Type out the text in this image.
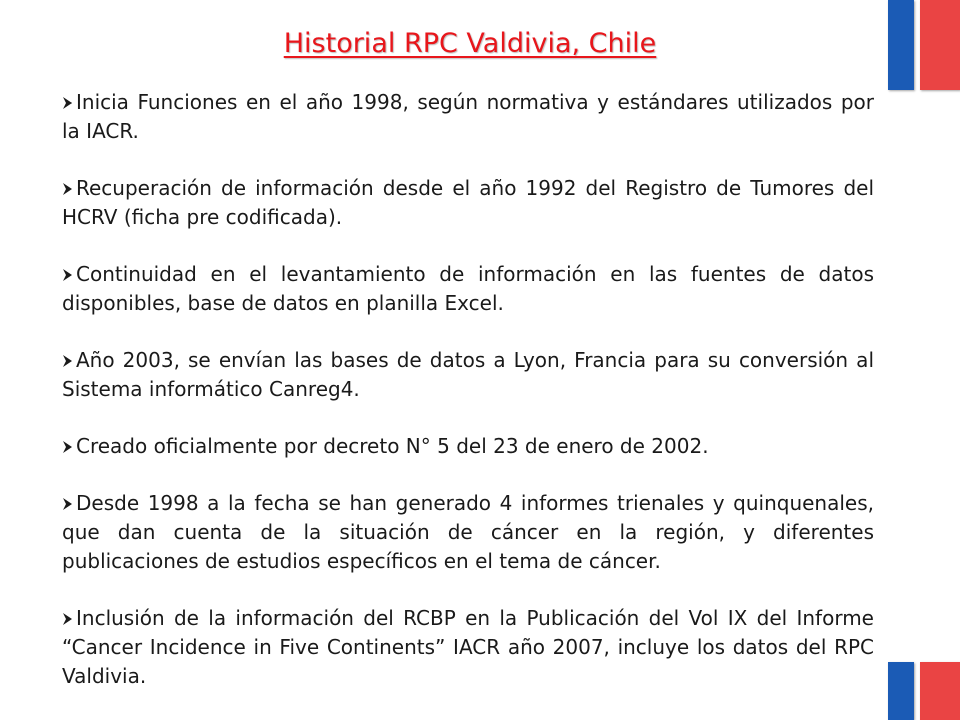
Historial RPC Valdivia, Chile

Inicia Funciones en el año 1998, según normativa y estándares utilizados por la IACR.

Recuperación de información desde el año 1992 del Registro de Tumores del HCRV (ficha pre codificada).

Continuidad en el levantamiento de información en las fuentes de datos disponibles, base de datos en planilla Excel.

Año 2003, se envían las bases de datos a Lyon, Francia para su conversión al Sistema informático Canreg4.

Creado oficialmente por decreto N° 5 del 23 de enero de 2002.

Desde 1998 a la fecha se han generado 4 informes trienales y quinquenales, que dan cuenta de la situación de cáncer en la región, y diferentes publicaciones de estudios específicos en el tema de cáncer.

Inclusión de la información del RCBP en la Publicación del Vol IX del Informe “Cancer Incidence in Five Continents” IACR año 2007, incluye los datos del RPC Valdivia.
